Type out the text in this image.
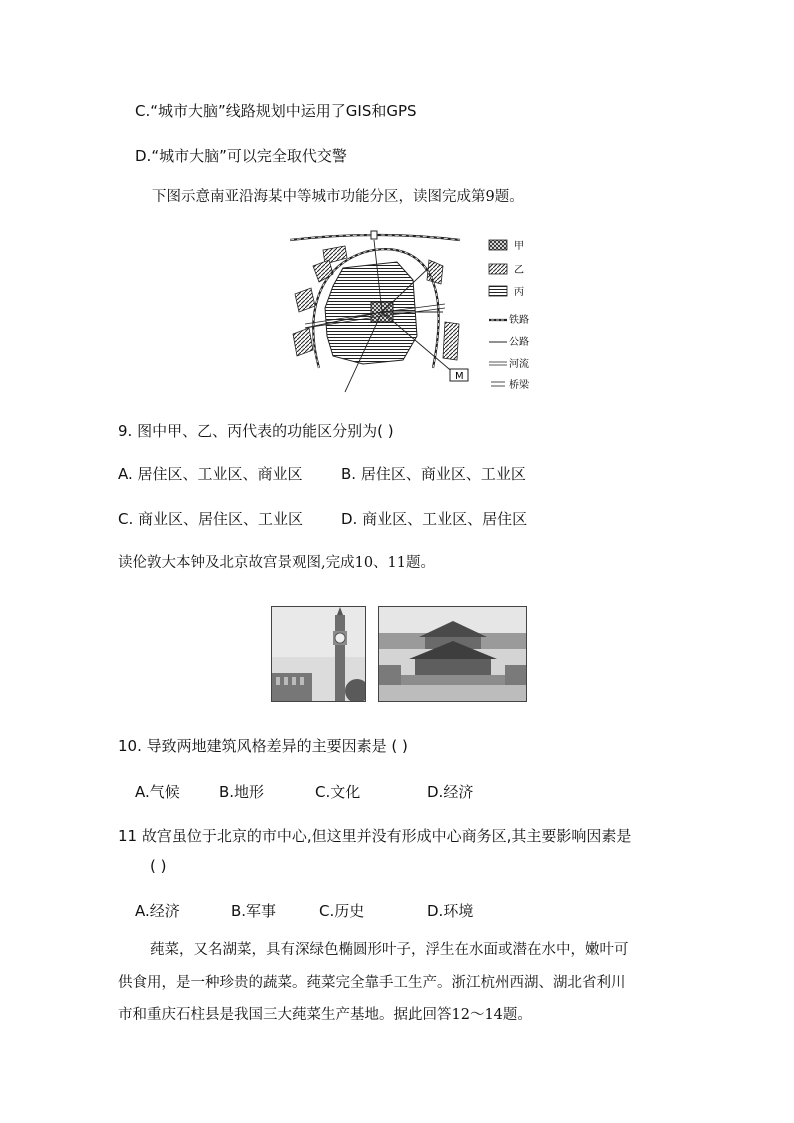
C.“城市大脑”线路规划中运用了GIS和GPS
D.“城市大脑”可以完全取代交警
下图示意南亚沿海某中等城市功能分区，读图完成第9题。
M
甲
乙
丙
铁路
公路
河流
桥梁
9. 图中甲、乙、丙代表的功能区分别为( )
A. 居住区、工业区、商业区	B. 居住区、商业区、工业区
C. 商业区、居住区、工业区	D. 商业区、工业区、居住区
读伦敦大本钟及北京故宫景观图,完成10、11题。
10. 导致两地建筑风格差异的主要因素是 ( )
A.气候	B.地形	C.文化	D.经济
11 故宫虽位于北京的市中心,但这里并没有形成中心商务区,其主要影响因素是
( )
A.经济	B.军事	C.历史	D.环境
莼菜，又名湖菜，具有深绿色椭圆形叶子，浮生在水面或潜在水中，嫩叶可
供食用，是一种珍贵的蔬菜。莼菜完全靠手工生产。浙江杭州西湖、湖北省利川
市和重庆石柱县是我国三大莼菜生产基地。据此回答12～14题。
